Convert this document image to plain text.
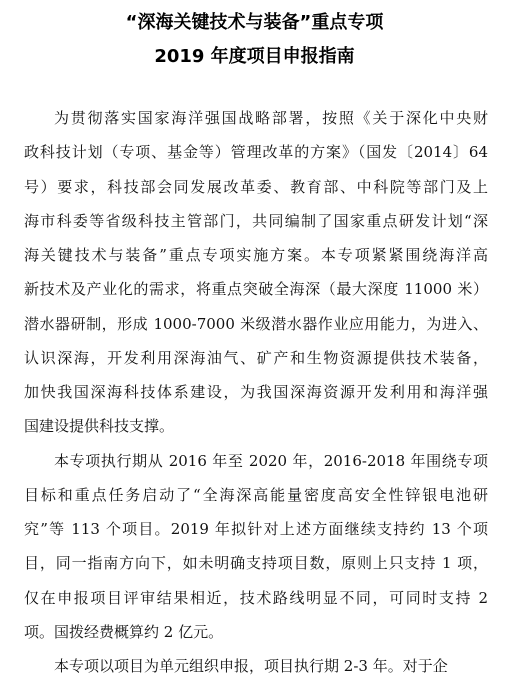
“深海关键技术与装备”重点专项
2019 年度项目申报指南
为贯彻落实国家海洋强国战略部署，按照《关于深化中央财
政科技计划（专项、基金等）管理改革的方案》（国发〔2014〕64
号）要求，科技部会同发展改革委、教育部、中科院等部门及上
海市科委等省级科技主管部门，共同编制了国家重点研发计划“深
海关键技术与装备”重点专项实施方案。本专项紧紧围绕海洋高
新技术及产业化的需求，将重点突破全海深（最大深度 11000 米）
潜水器研制，形成 1000-7000 米级潜水器作业应用能力，为进入、
认识深海，开发利用深海油气、矿产和生物资源提供技术装备，
加快我国深海科技体系建设，为我国深海资源开发利用和海洋强
国建设提供科技支撑。
本专项执行期从 2016 年至 2020 年，2016-2018 年围绕专项
目标和重点任务启动了“全海深高能量密度高安全性锌银电池研
究”等 113 个项目。2019 年拟针对上述方面继续支持约 13 个项
目，同一指南方向下，如未明确支持项目数，原则上只支持 1 项，
仅在申报项目评审结果相近，技术路线明显不同，可同时支持 2
项。国拨经费概算约 2 亿元。
本专项以项目为单元组织申报，项目执行期 2-3 年。对于企
